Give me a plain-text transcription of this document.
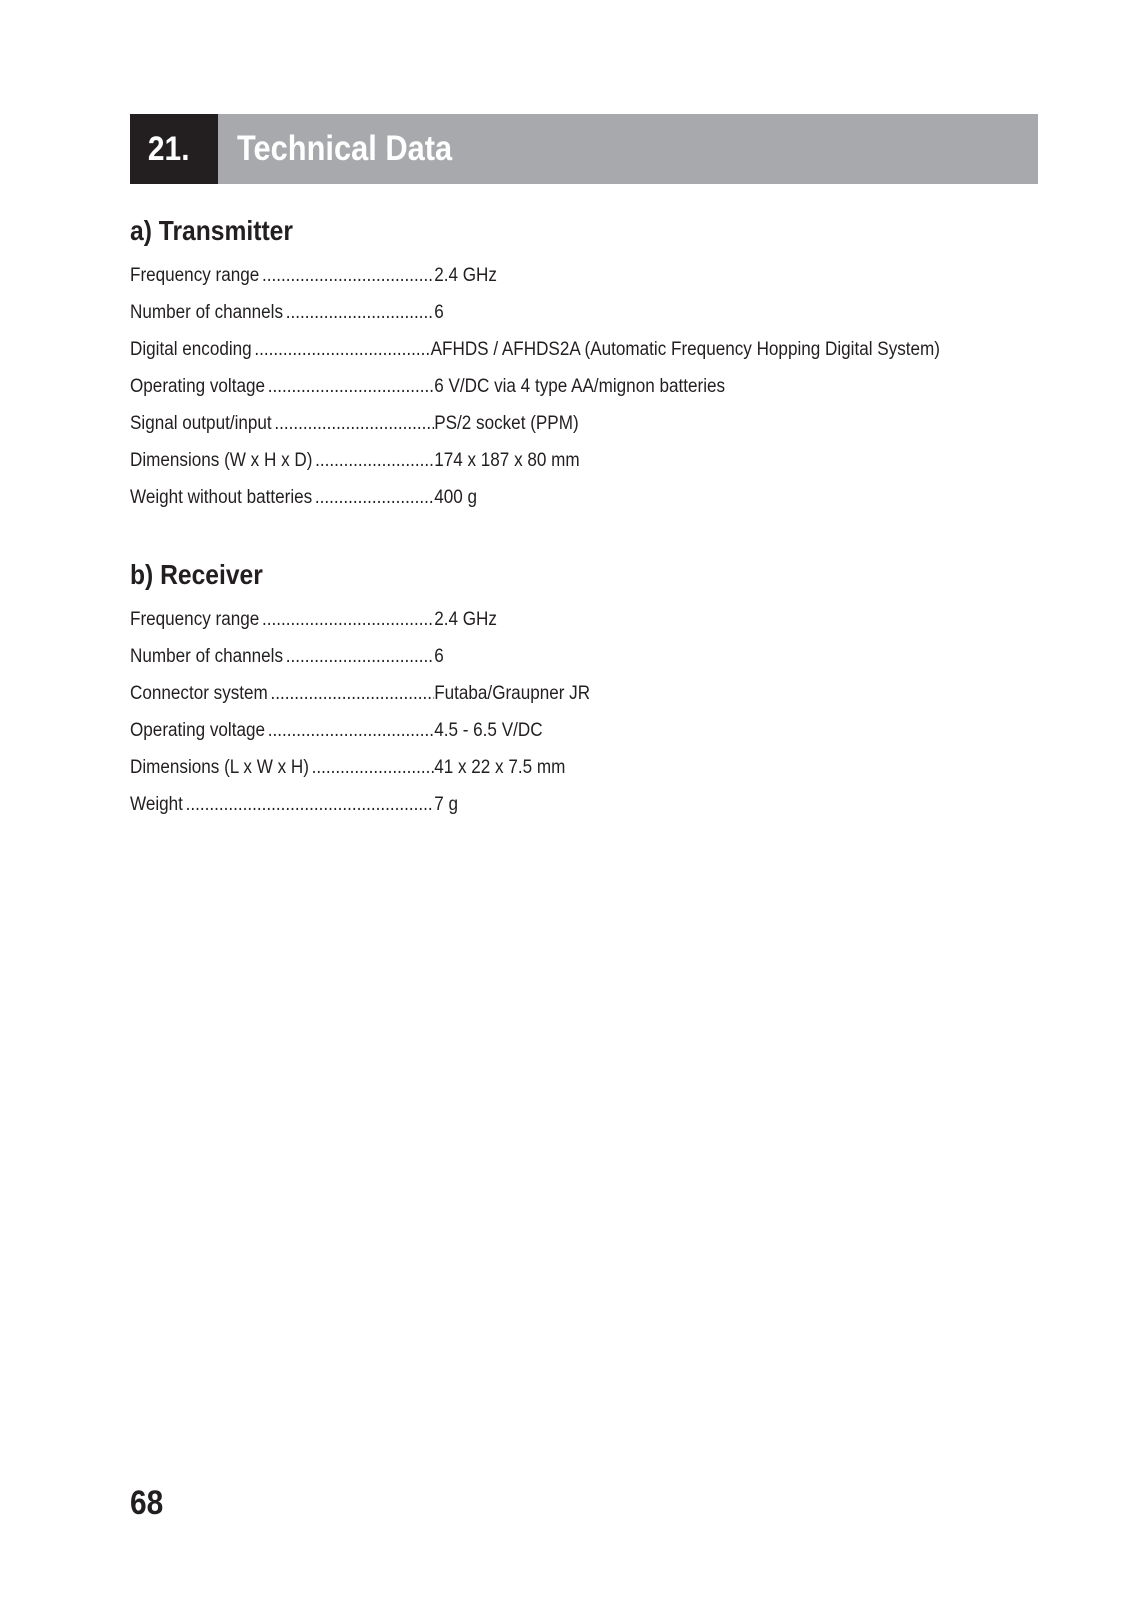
21.	Technical Data
a) Transmitter
Frequency range .....	2.4 GHz
Number of channels .....	6
Digital encoding .....	AFHDS / AFHDS2A (Automatic Frequency Hopping Digital System)
Operating voltage .....	6 V/DC via 4 type AA/mignon batteries
Signal output/input .....	PS/2 socket (PPM)
Dimensions (W x H x D) .....	174 x 187 x 80 mm
Weight without batteries .....	400 g
b) Receiver
Frequency range .....	2.4 GHz
Number of channels .....	6
Connector system .....	Futaba/Graupner JR
Operating voltage .....	4.5 - 6.5 V/DC
Dimensions (L x W x H) .....	41 x 22 x 7.5 mm
Weight .....	7 g
68
